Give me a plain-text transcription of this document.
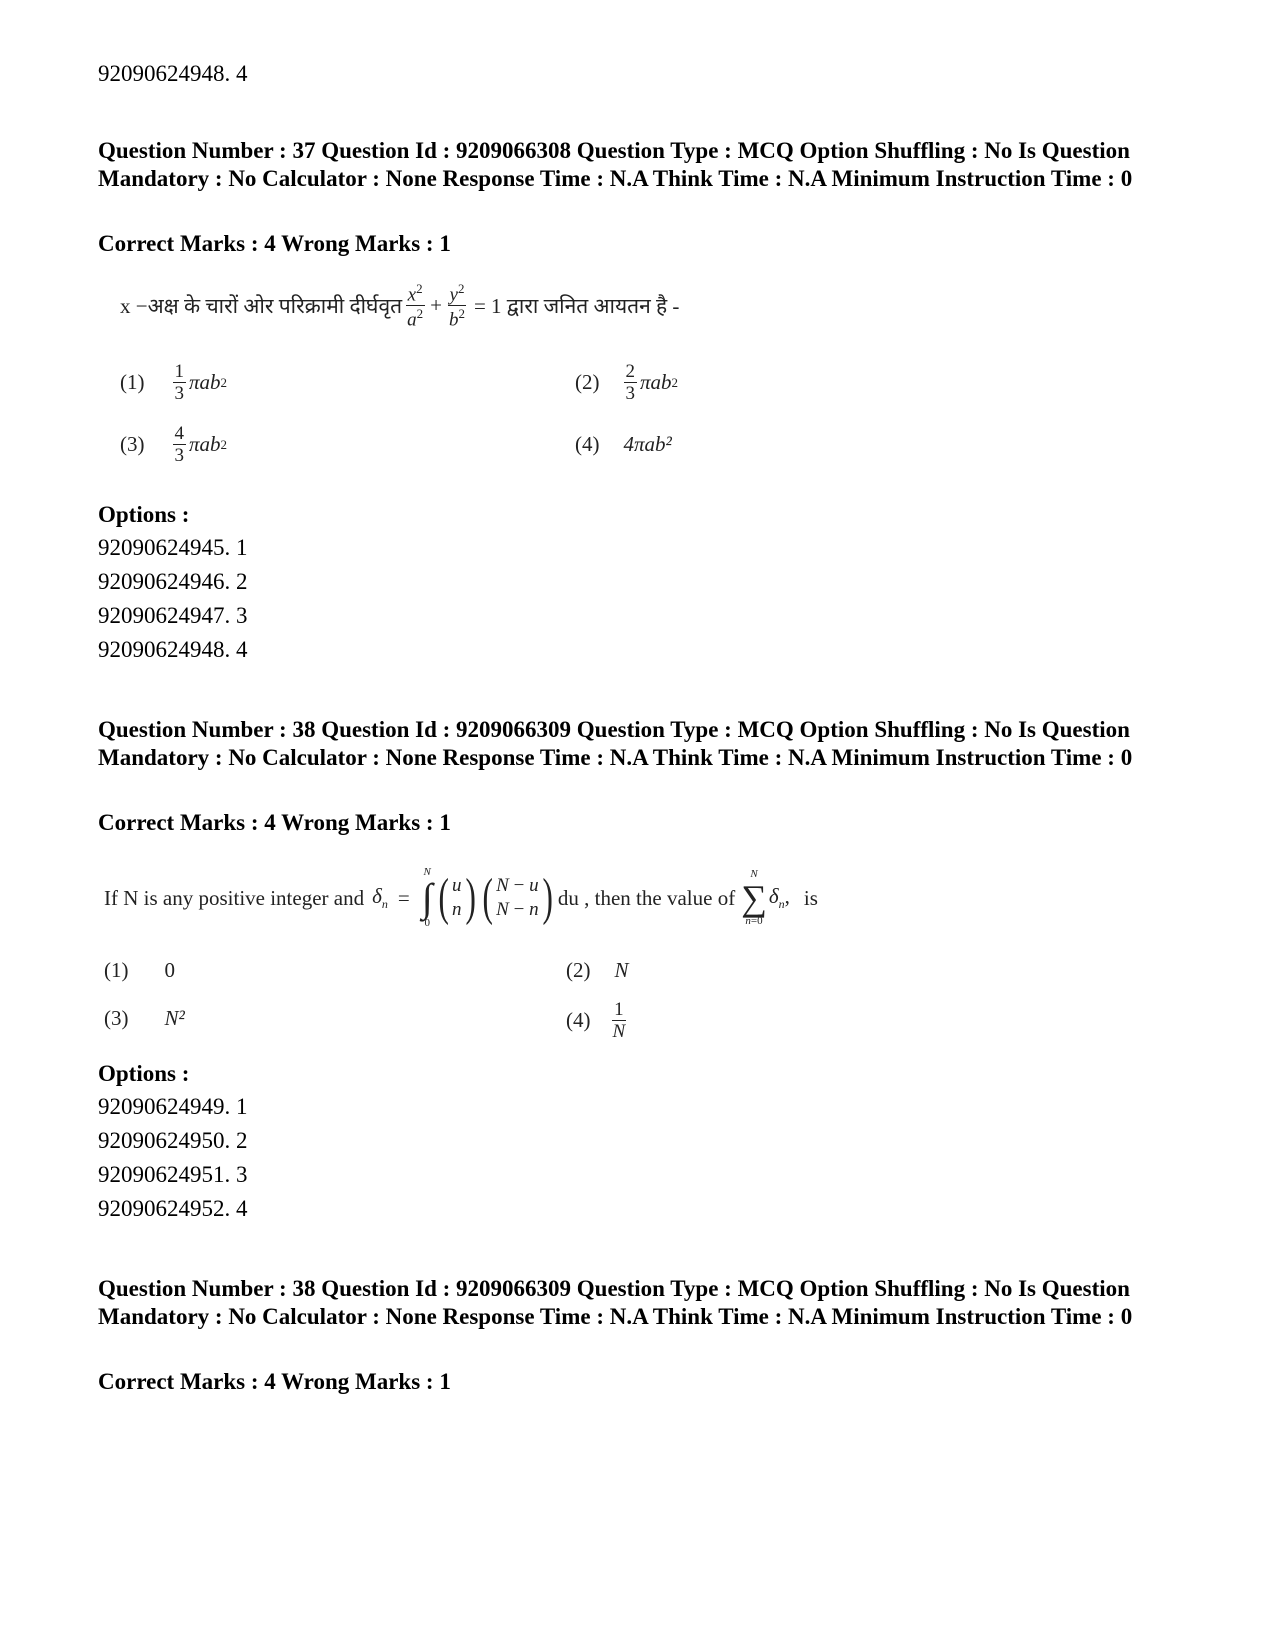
92090624948. 4
Question Number : 37 Question Id : 9209066308 Question Type : MCQ Option Shuffling : No Is Question Mandatory : No Calculator : None Response Time : N.A Think Time : N.A Minimum Instruction Time : 0
Correct Marks : 4 Wrong Marks : 1
x −अक्ष के चारों ओर परिक्रामी दीर्घवृत $\frac{x^2}{a^2} + \frac{y^2}{b^2} = 1$ द्वारा जनित आयतन है -
$(1) \frac{1}{3}$ πab 2	$(2) \frac{2}{3}$ πab 2
$(3) \frac{4}{3}$ πab 2	(4) 4πab²
Options :
92090624945. 1
92090624946. 2
92090624947. 3
92090624948. 4
Question Number : 38 Question Id : 9209066309 Question Type : MCQ Option Shuffling : No Is Question Mandatory : No Calculator : None Response Time : N.A Think Time : N.A Minimum Instruction Time : 0
Correct Marks : 4 Wrong Marks : 1
If N is any positive integer and $\delta_n$ =
N
∫
0 ( u
n ) ( N − u
N − n ) du , then the value of
N
∑
n=0
$\delta_n$, is
(1) 0	(2) N
(3) N²	$(4) \frac{1}{N}$
Options :
92090624949. 1
92090624950. 2
92090624951. 3
92090624952. 4
Question Number : 38 Question Id : 9209066309 Question Type : MCQ Option Shuffling : No Is Question Mandatory : No Calculator : None Response Time : N.A Think Time : N.A Minimum Instruction Time : 0
Correct Marks : 4 Wrong Marks : 1
